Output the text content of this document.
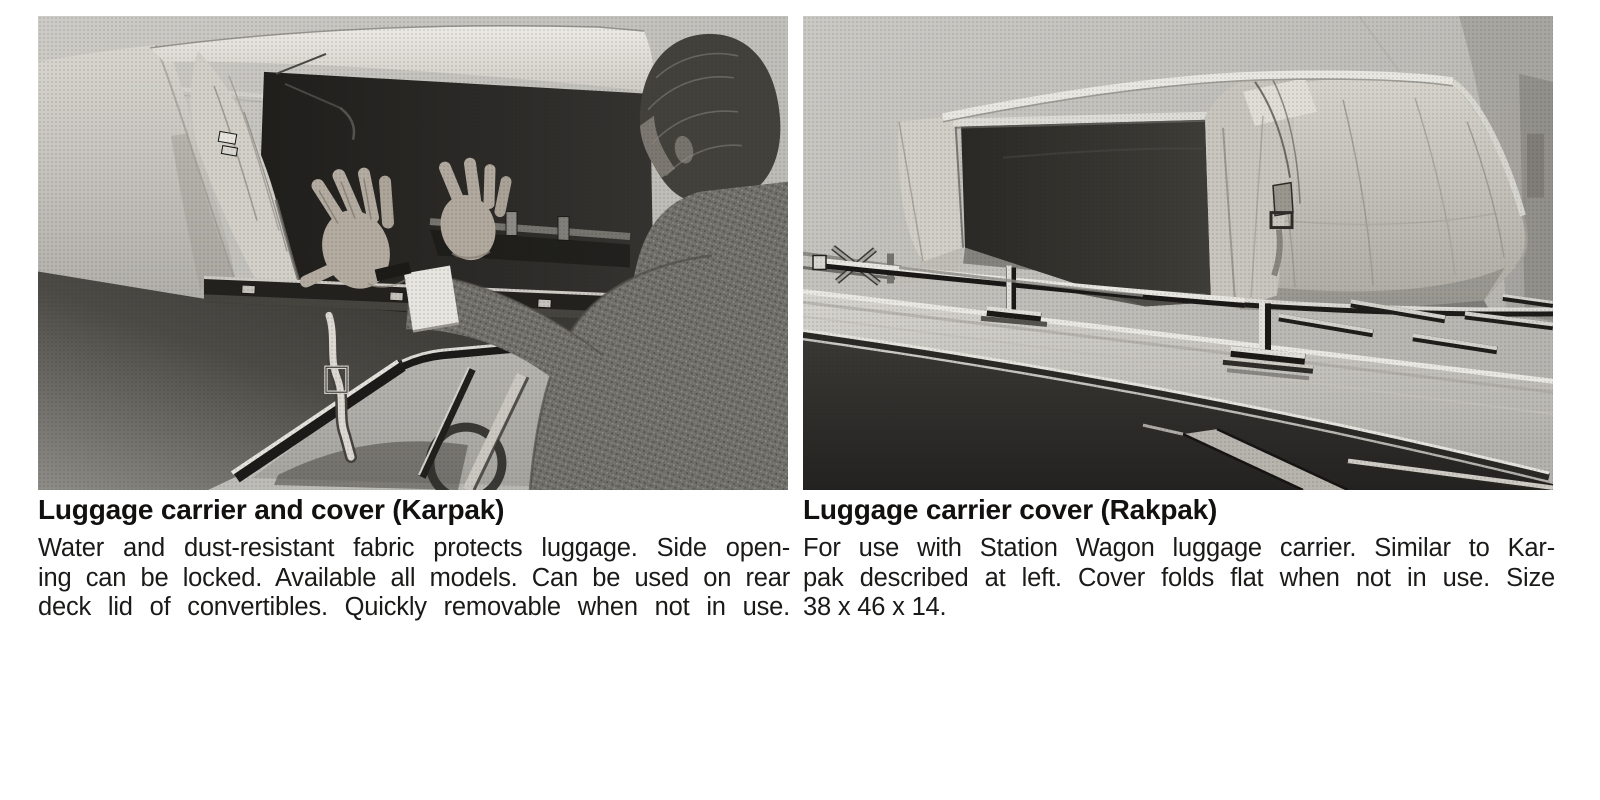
Luggage carrier and cover (Karpak)

Water and dust-resistant fabric protects luggage. Side open-

ing can be locked. Available all models. Can be used on rear

deck lid of convertibles. Quickly removable when not in use.

Luggage carrier cover (Rakpak)

For use with Station Wagon luggage carrier. Similar to Kar-

pak described at left. Cover folds flat when not in use. Size

38 x 46 x 14.
